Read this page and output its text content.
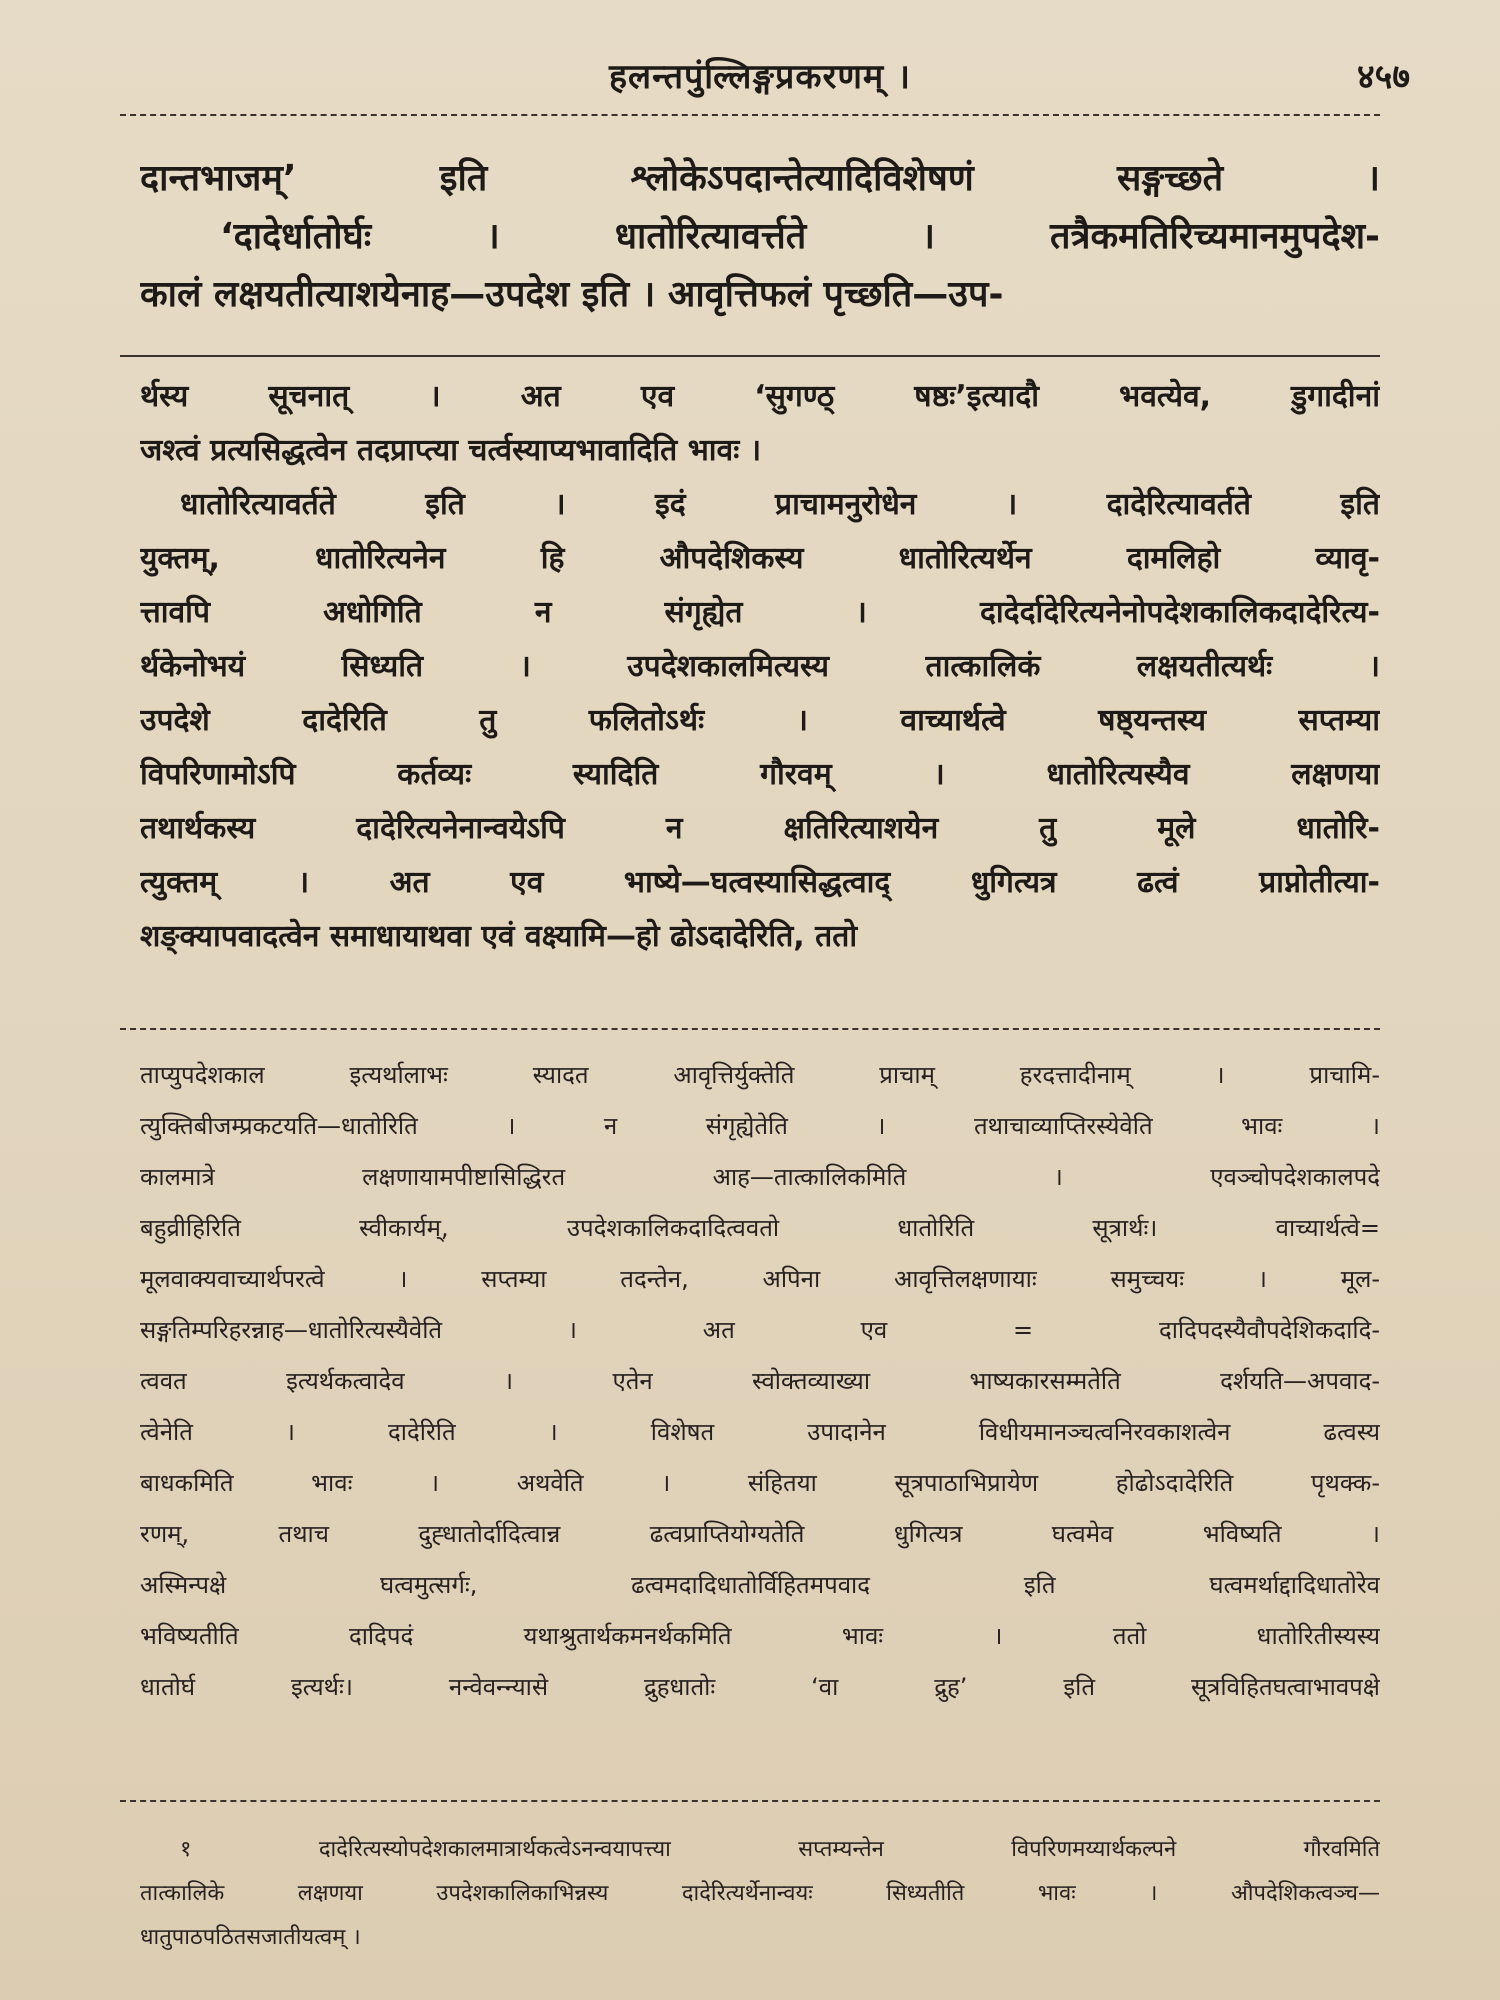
हलन्तपुंल्लिङ्गप्रकरणम् ।	४५७
दान्तभाजम्’ इति श्लोकेऽपदान्तेत्यादिविशेषणं सङ्गच्छते ।
‘दादेर्धातोर्घः । धातोरित्यावर्त्तते । तत्रैकमतिरिच्यमानमुपदेश-
कालं लक्षयतीत्याशयेनाह—उपदेश इति । आवृत्तिफलं पृच्छति—उप-
र्थस्य सूचनात् । अत एव ‘सुगण्ठ् षष्ठः’इत्यादौ भवत्येव, डुगादीनां
जश्त्वं प्रत्यसिद्धत्वेन तदप्राप्त्या चर्त्वस्याप्यभावादिति भावः ।
धातोरित्यावर्तते इति । इदं प्राचामनुरोधेन । दादेरित्यावर्तते इति
युक्तम्, धातोरित्यनेन हि औपदेशिकस्य धातोरित्यर्थेन दामलिहो व्यावृ-
त्तावपि अधोगिति न संगृह्येत । दादेर्दादेरित्यनेनोपदेशकालिकदादेरित्य-
र्थकेनोभयं सिध्यति । उपदेशकालमित्यस्य तात्कालिकं लक्षयतीत्यर्थः ।
उपदेशे दादेरिति तु फलितोऽर्थः । वाच्यार्थत्वे षष्ठ्यन्तस्य सप्तम्या
विपरिणामोऽपि कर्तव्यः स्यादिति गौरवम् । धातोरित्यस्यैव लक्षणया
तथार्थकस्य दादेरित्यनेनान्वयेऽपि न क्षतिरित्याशयेन तु मूले धातोरि-
त्युक्तम् । अत एव भाष्ये—घत्वस्यासिद्धत्वाद् धुगित्यत्र ढत्वं प्राप्नोतीत्या-
शङ्क्यापवादत्वेन समाधायाथवा एवं वक्ष्यामि—हो ढोऽदादेरिति, ततो
ताप्युपदेशकाल इत्यर्थालाभः स्यादत आवृत्तिर्युक्तेति प्राचाम् हरदत्तादीनाम् । प्राचामि-
त्युक्तिबीजम्प्रकटयति—धातोरिति । न संगृह्येतेति । तथाचाव्याप्तिरस्येवेति भावः ।
कालमात्रे लक्षणायामपीष्टासिद्धिरत आह—तात्कालिकमिति । एवञ्चोपदेशकालपदे
बहुव्रीहिरिति स्वीकार्यम्, उपदेशकालिकदादित्ववतो धातोरिति सूत्रार्थः। वाच्यार्थत्वे=
मूलवाक्यवाच्यार्थपरत्वे । सप्तम्या तदन्तेन, अपिना आवृत्तिलक्षणायाः समुच्चयः । मूल-
सङ्गतिम्परिहरन्नाह—धातोरित्यस्यैवेति । अत एव = दादिपदस्यैवौपदेशिकदादि-
त्ववत इत्यर्थकत्वादेव । एतेन स्वोक्तव्याख्या भाष्यकारसम्मतेति दर्शयति—अपवाद-
त्वेनेति । दादेरिति । विशेषत उपादानेन विधीयमानञ्चत्वनिरवकाशत्वेन ढत्वस्य
बाधकमिति भावः । अथवेति । संहितया सूत्रपाठाभिप्रायेण होढोऽदादेरिति पृथक्क-
रणम्, तथाच दुह्धातोर्दादित्वान्न ढत्वप्राप्तियोग्यतेति धुगित्यत्र घत्वमेव भविष्यति ।
अस्मिन्पक्षे घत्वमुत्सर्गः, ढत्वमदादिधातोर्विहितमपवाद इति घत्वमर्थाद्दादिधातोरेव
भविष्यतीति दादिपदं यथाश्रुतार्थकमनर्थकमिति भावः । ततो धातोरितीस्यस्य
धातोर्घ इत्यर्थः। नन्वेवन्न्यासे द्रुहधातोः ‘वा द्रुह’ इति सूत्रविहितघत्वाभावपक्षे
१ दादेरित्यस्योपदेशकालमात्रार्थकत्वेऽनन्वयापत्त्या सप्तम्यन्तेन विपरिणमय्यार्थकल्पने गौरवमिति
तात्कालिके लक्षणया उपदेशकालिकाभिन्नस्य दादेरित्यर्थेनान्वयः सिध्यतीति भावः । औपदेशिकत्वञ्च—
धातुपाठपठितसजातीयत्वम् ।
